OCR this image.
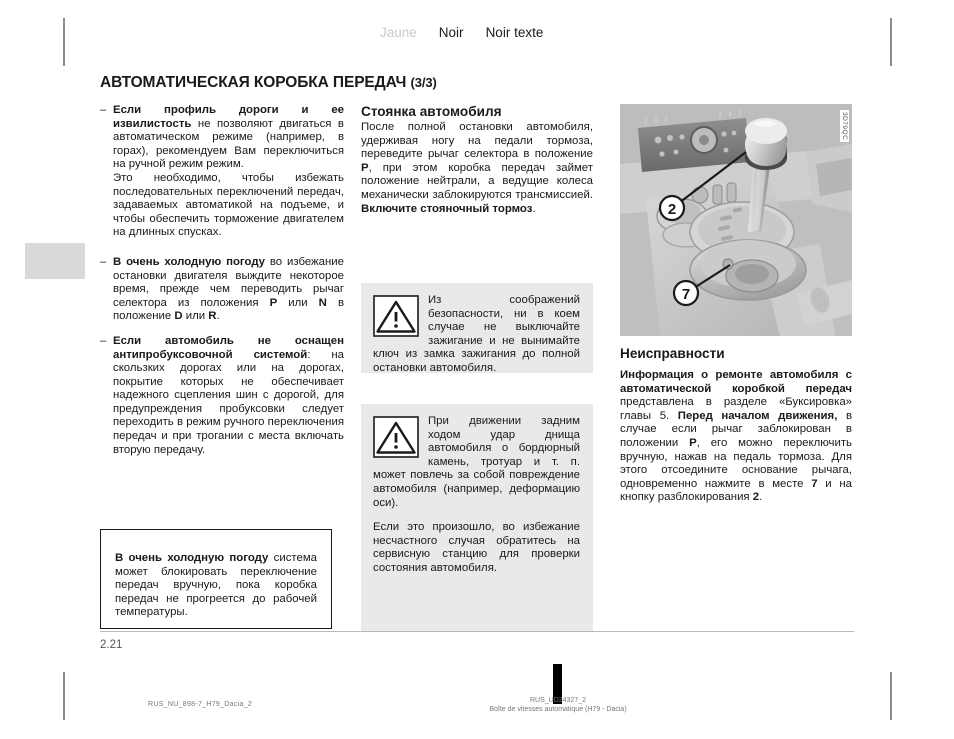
Jaune Noir Noir texte
АВТОМАТИЧЕСКАЯ КОРОБКА ПЕРЕДАЧ (3/3)
– Если профиль дороги и ее извилистость не позволяют двигаться в автоматическом режиме (например, в горах), рекомендуем Вам переключиться на ручной режим режим.

Это необходимо, чтобы избежать последовательных переключений передач, задаваемых автоматикой на подъеме, и чтобы обеспечить торможение двигателем на длинных спусках.

– В очень холодную погоду во избежание остановки двигателя выждите некоторое время, прежде чем переводить рычаг селектора из положения P или N в положение D или R.

– Если автомобиль не оснащен антипробуксовочной системой: на скользких дорогах или на дорогах, покрытие которых не обеспечивает надежного сцепления шин с дорогой, для предупреждения пробуксовки следует переходить в режим ручного переключения передач и при трогании с места включать вторую передачу.

В очень холодную погоду система может блокировать переключение передач вручную, пока коробка передач не прогреется до рабочей температуры.
Стоянка автомобиля

После полной остановки автомобиля, удерживая ногу на педали тормоза, переведите рычаг селектора в положение P, при этом коробка передач займет положение нейтрали, а ведущие колеса механически заблокируются трансмиссией. Включите стояночный тормоз.

Из соображений безопасности, ни в коем случае не выключайте зажигание и не вынимайте ключ из замка зажигания до полной остановки автомобиля.

При движении задним ходом удар днища автомобиля о бордюрный камень, тротуар и т. п. может повлечь за собой повреждение автомобиля (например, деформацию оси).

Если это произошло, во избежание несчастного случая обратитесь на сервисную станцию для проверки состояния автомобиля.

2
7
3D79QC
Неисправности

Информация о ремонте автомобиля с автоматической коробкой передач представлена в разделе «Буксировка» главы 5. Перед началом движения, в случае если рычаг заблокирован в положении P, его можно переключить вручную, нажав на педаль тормоза. Для этого отсоедините основание рычага, одновременно нажмите в месте 7 и на кнопку разблокирования 2.

2.21
RUS_NU_898-7_H79_Dacia_2
RUS_UD24327_2
Boîte de vitesses automatique (H79 - Dacia)
